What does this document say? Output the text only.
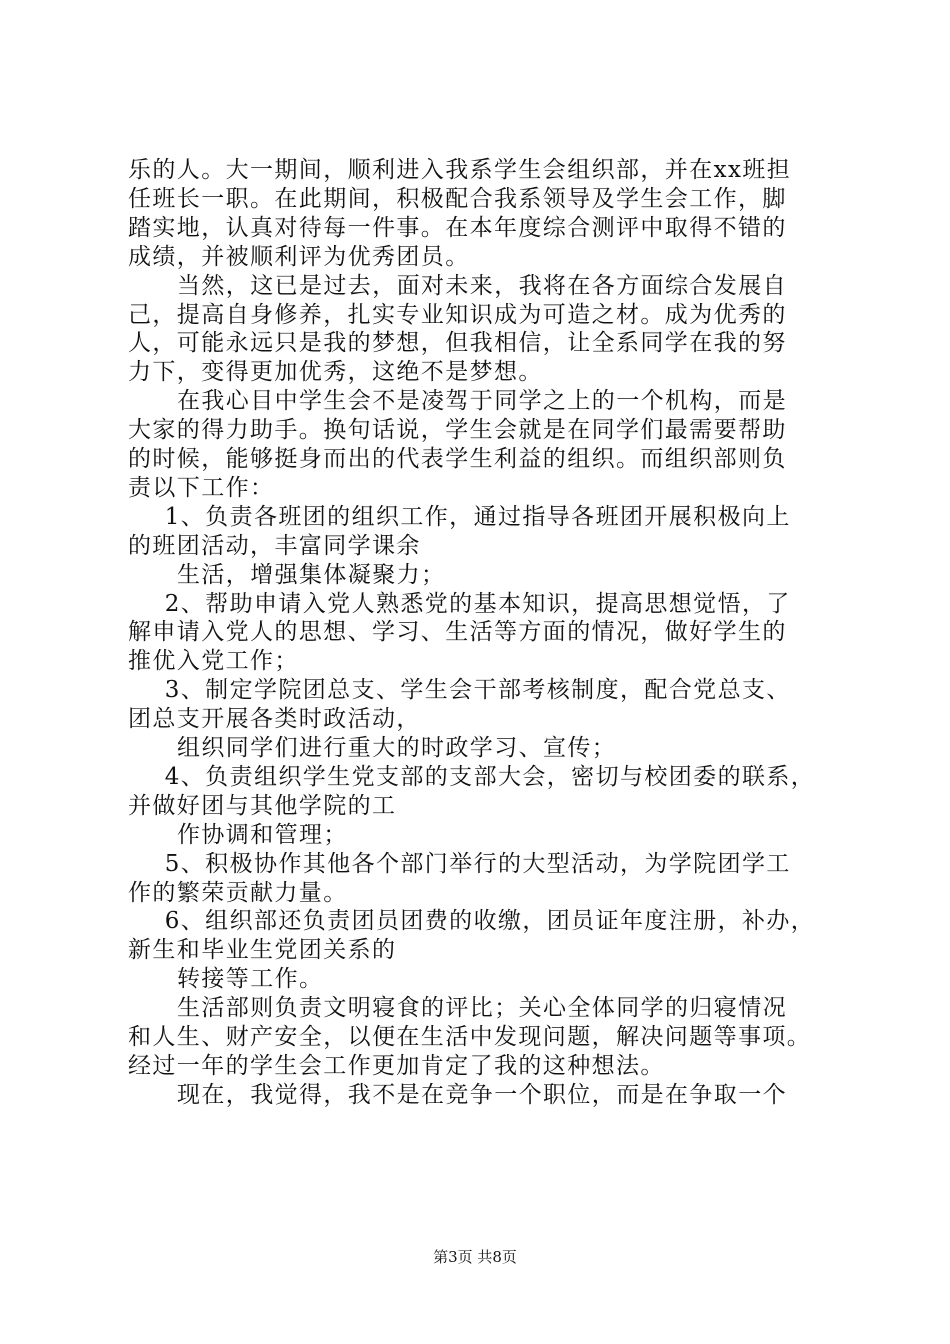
乐的人。大一期间，顺利进入我系学生会组织部，并在xx班担
任班长一职。在此期间，积极配合我系领导及学生会工作，脚
踏实地，认真对待每一件事。在本年度综合测评中取得不错的
成绩，并被顺利评为优秀团员。
当然，这已是过去，面对未来，我将在各方面综合发展自
己，提高自身修养，扎实专业知识成为可造之材。成为优秀的
人，可能永远只是我的梦想，但我相信，让全系同学在我的努
力下，变得更加优秀，这绝不是梦想。
在我心目中学生会不是凌驾于同学之上的一个机构，而是
大家的得力助手。换句话说，学生会就是在同学们最需要帮助
的时候，能够挺身而出的代表学生利益的组织。而组织部则负
责以下工作：
1、负责各班团的组织工作，通过指导各班团开展积极向上
的班团活动，丰富同学课余
生活，增强集体凝聚力；
2、帮助申请入党人熟悉党的基本知识，提高思想觉悟，了
解申请入党人的思想、学习、生活等方面的情况，做好学生的
推优入党工作；
3、制定学院团总支、学生会干部考核制度，配合党总支、
团总支开展各类时政活动，
组织同学们进行重大的时政学习、宣传；
4、负责组织学生党支部的支部大会，密切与校团委的联系，
并做好团与其他学院的工
作协调和管理；
5、积极协作其他各个部门举行的大型活动，为学院团学工
作的繁荣贡献力量。
6、组织部还负责团员团费的收缴，团员证年度注册，补办，
新生和毕业生党团关系的
转接等工作。
生活部则负责文明寝食的评比；关心全体同学的归寝情况
和人生、财产安全，以便在生活中发现问题，解决问题等事项。
经过一年的学生会工作更加肯定了我的这种想法。
现在，我觉得，我不是在竞争一个职位，而是在争取一个
第3页 共8页
